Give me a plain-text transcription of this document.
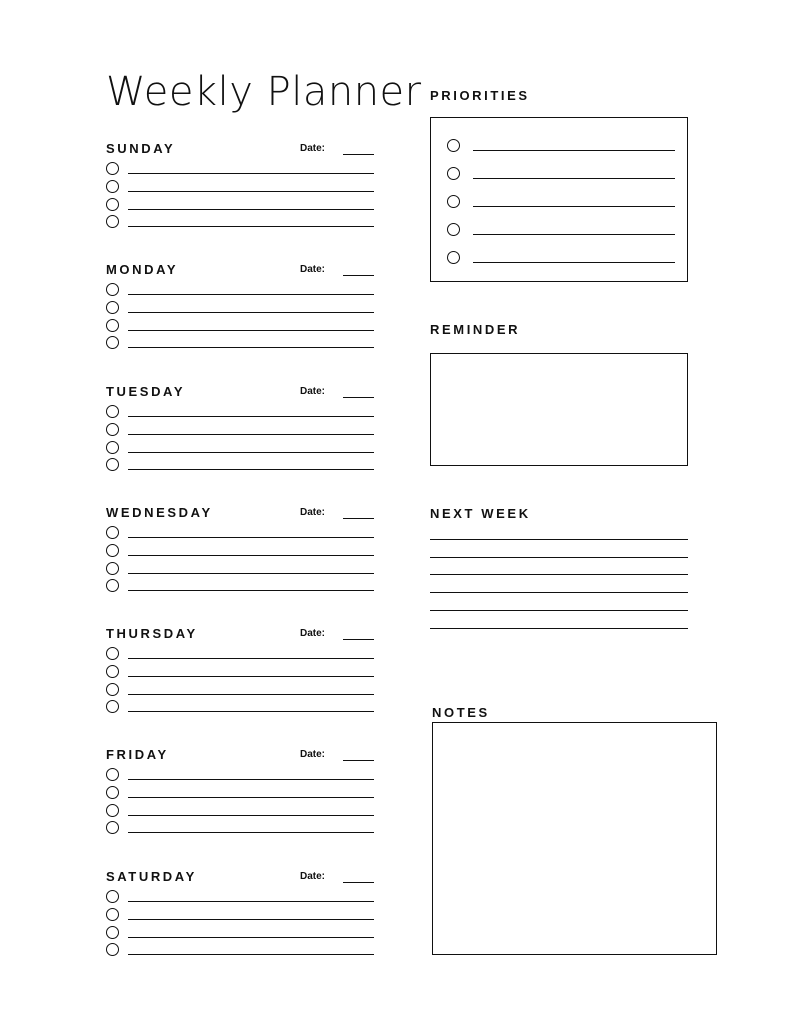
Weekly Planner
SUNDAY	Date:
MONDAY	Date:
TUESDAY	Date:
WEDNESDAY	Date:
THURSDAY	Date:
FRIDAY	Date:
SATURDAY	Date:
PRIORITIES
REMINDER
NEXT WEEK
NOTES
